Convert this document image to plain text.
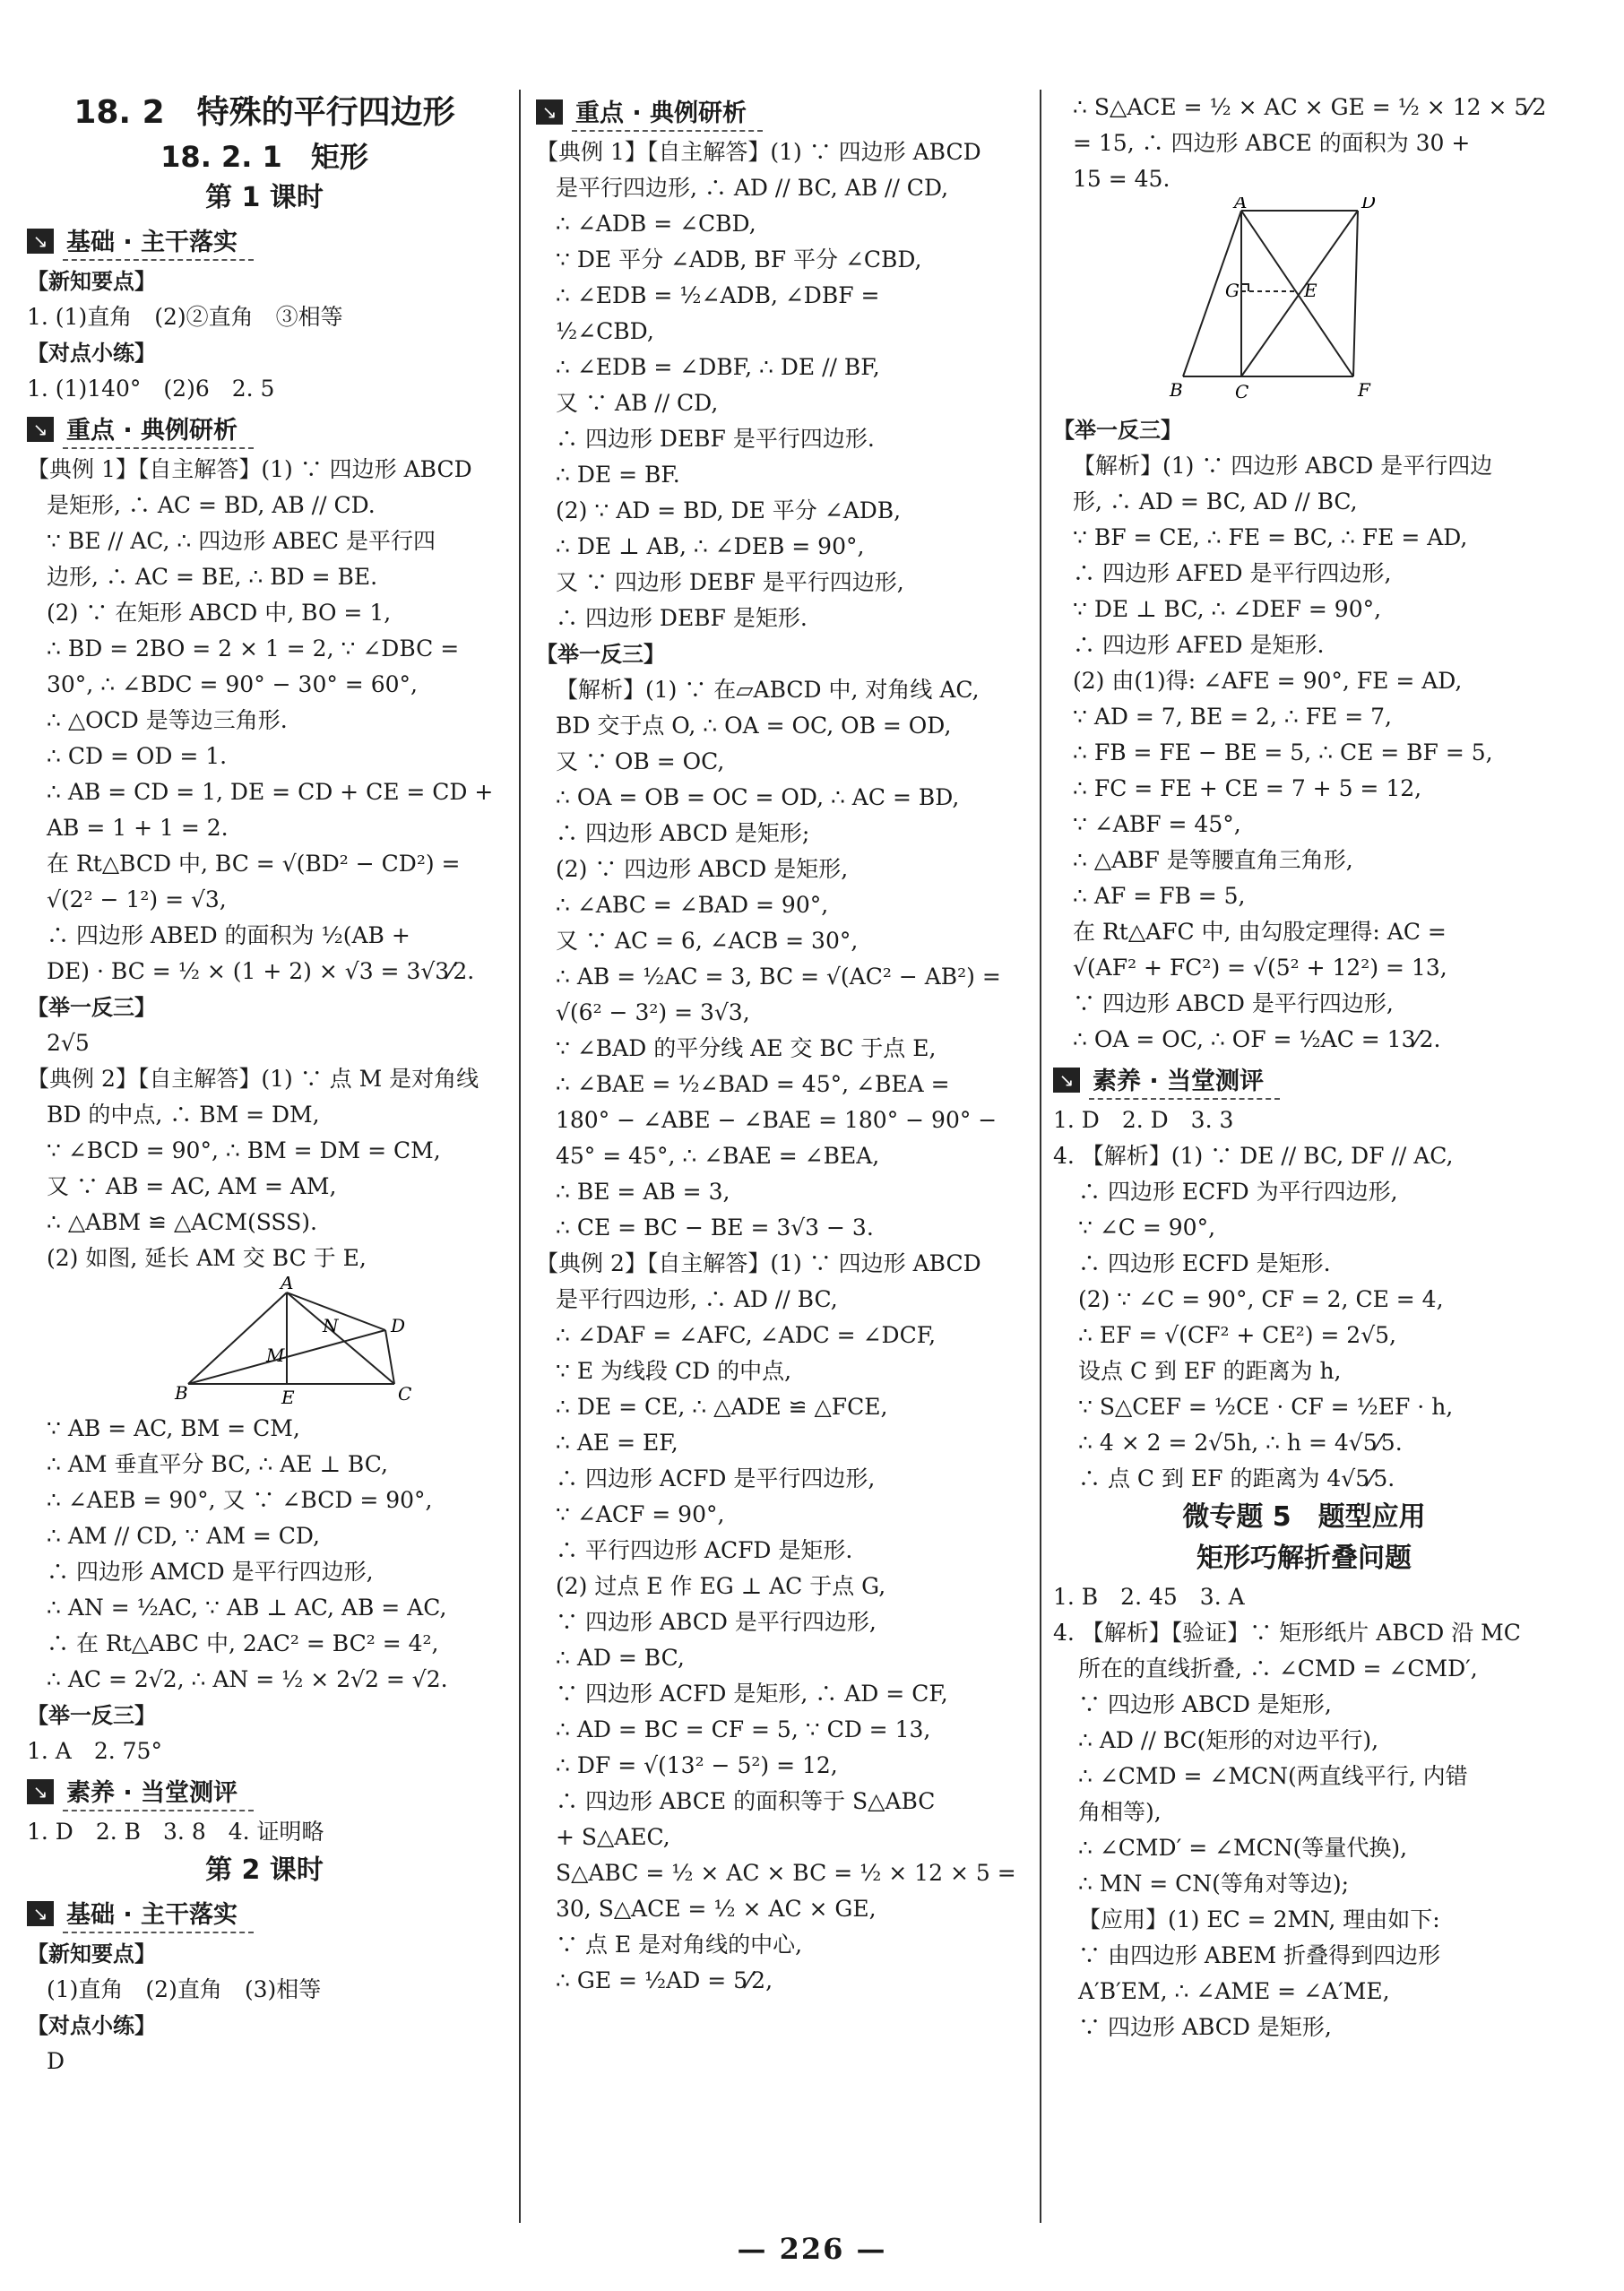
18. 2　特殊的平行四边形
18. 2. 1　矩形
第 1 课时
↘ 基础 · 主干落实
【新知要点】
1. (1)直角　(2)②直角　③相等
【对点小练】
1. (1)140°　(2)6　2. 5
↘ 重点 · 典例研析
【典例 1】【自主解答】(1) ∵ 四边形 ABCD
是矩形, ∴ AC = BD, AB // CD.
∵ BE // AC, ∴ 四边形 ABEC 是平行四
边形, ∴ AC = BE, ∴ BD = BE.
(2) ∵ 在矩形 ABCD 中, BO = 1,
∴ BD = 2BO = 2 × 1 = 2, ∵ ∠DBC =
30°, ∴ ∠BDC = 90° − 30° = 60°,
∴ △OCD 是等边三角形.
∴ CD = OD = 1.
∴ AB = CD = 1, DE = CD + CE = CD +
AB = 1 + 1 = 2.
在 Rt△BCD 中, BC = √(BD² − CD²) =
√(2² − 1²) = √3,
∴ 四边形 ABED 的面积为 ½(AB +
DE) · BC = ½ × (1 + 2) × √3 = 3√3⁄2.
【举一反三】
2√5
【典例 2】【自主解答】(1) ∵ 点 M 是对角线
BD 的中点, ∴ BM = DM,
∵ ∠BCD = 90°, ∴ BM = DM = CM,
又 ∵ AB = AC, AM = AM,
∴ △ABM ≌ △ACM(SSS).
(2) 如图, 延长 AM 交 BC 于 E,
A
B	C
D
E
M
N
∵ AB = AC, BM = CM,
∴ AM 垂直平分 BC, ∴ AE ⊥ BC,
∴ ∠AEB = 90°, 又 ∵ ∠BCD = 90°,
∴ AM // CD, ∵ AM = CD,
∴ 四边形 AMCD 是平行四边形,
∴ AN = ½AC, ∵ AB ⊥ AC, AB = AC,
∴ 在 Rt△ABC 中, 2AC² = BC² = 4²,
∴ AC = 2√2, ∴ AN = ½ × 2√2 = √2.
【举一反三】
1. A　2. 75°
↘ 素养 · 当堂测评
1. D　2. B　3. 8　4. 证明略
第 2 课时
↘ 基础 · 主干落实
【新知要点】
(1)直角　(2)直角　(3)相等
【对点小练】
D
↘ 重点 · 典例研析
【典例 1】【自主解答】(1) ∵ 四边形 ABCD
是平行四边形, ∴ AD // BC, AB // CD,
∴ ∠ADB = ∠CBD,
∵ DE 平分 ∠ADB, BF 平分 ∠CBD,
∴ ∠EDB = ½∠ADB, ∠DBF =
½∠CBD,
∴ ∠EDB = ∠DBF, ∴ DE // BF,
又 ∵ AB // CD,
∴ 四边形 DEBF 是平行四边形.
∴ DE = BF.
(2) ∵ AD = BD, DE 平分 ∠ADB,
∴ DE ⊥ AB, ∴ ∠DEB = 90°,
又 ∵ 四边形 DEBF 是平行四边形,
∴ 四边形 DEBF 是矩形.
【举一反三】
【解析】(1) ∵ 在▱ABCD 中, 对角线 AC,
BD 交于点 O, ∴ OA = OC, OB = OD,
又 ∵ OB = OC,
∴ OA = OB = OC = OD, ∴ AC = BD,
∴ 四边形 ABCD 是矩形;
(2) ∵ 四边形 ABCD 是矩形,
∴ ∠ABC = ∠BAD = 90°,
又 ∵ AC = 6, ∠ACB = 30°,
∴ AB = ½AC = 3, BC = √(AC² − AB²) =
√(6² − 3²) = 3√3,
∵ ∠BAD 的平分线 AE 交 BC 于点 E,
∴ ∠BAE = ½∠BAD = 45°, ∠BEA =
180° − ∠ABE − ∠BAE = 180° − 90° −
45° = 45°, ∴ ∠BAE = ∠BEA,
∴ BE = AB = 3,
∴ CE = BC − BE = 3√3 − 3.
【典例 2】【自主解答】(1) ∵ 四边形 ABCD
是平行四边形, ∴ AD // BC,
∴ ∠DAF = ∠AFC, ∠ADC = ∠DCF,
∵ E 为线段 CD 的中点,
∴ DE = CE, ∴ △ADE ≌ △FCE,
∴ AE = EF,
∴ 四边形 ACFD 是平行四边形,
∵ ∠ACF = 90°,
∴ 平行四边形 ACFD 是矩形.
(2) 过点 E 作 EG ⊥ AC 于点 G,
∵ 四边形 ABCD 是平行四边形,
∴ AD = BC,
∵ 四边形 ACFD 是矩形, ∴ AD = CF,
∴ AD = BC = CF = 5, ∵ CD = 13,
∴ DF = √(13² − 5²) = 12,
∴ 四边形 ABCE 的面积等于 S△ABC
+ S△AEC,
S△ABC = ½ × AC × BC = ½ × 12 × 5 =
30, S△ACE = ½ × AC × GE,
∵ 点 E 是对角线的中心,
∴ GE = ½AD = 5⁄2,
∴ S△ACE = ½ × AC × GE = ½ × 12 × 5⁄2
= 15, ∴ 四边形 ABCE 的面积为 30 +
15 = 45.
A	D
B	C	F
G	E
【举一反三】
【解析】(1) ∵ 四边形 ABCD 是平行四边
形, ∴ AD = BC, AD // BC,
∵ BF = CE, ∴ FE = BC, ∴ FE = AD,
∴ 四边形 AFED 是平行四边形,
∵ DE ⊥ BC, ∴ ∠DEF = 90°,
∴ 四边形 AFED 是矩形.
(2) 由(1)得: ∠AFE = 90°, FE = AD,
∵ AD = 7, BE = 2, ∴ FE = 7,
∴ FB = FE − BE = 5, ∴ CE = BF = 5,
∴ FC = FE + CE = 7 + 5 = 12,
∵ ∠ABF = 45°,
∴ △ABF 是等腰直角三角形,
∴ AF = FB = 5,
在 Rt△AFC 中, 由勾股定理得: AC =
√(AF² + FC²) = √(5² + 12²) = 13,
∵ 四边形 ABCD 是平行四边形,
∴ OA = OC, ∴ OF = ½AC = 13⁄2.
↘ 素养 · 当堂测评
1. D　2. D　3. 3
4. 【解析】(1) ∵ DE // BC, DF // AC,
∴ 四边形 ECFD 为平行四边形,
∵ ∠C = 90°,
∴ 四边形 ECFD 是矩形.
(2) ∵ ∠C = 90°, CF = 2, CE = 4,
∴ EF = √(CF² + CE²) = 2√5,
设点 C 到 EF 的距离为 h,
∵ S△CEF = ½CE · CF = ½EF · h,
∴ 4 × 2 = 2√5h, ∴ h = 4√5⁄5.
∴ 点 C 到 EF 的距离为 4√5⁄5.
微专题 5　题型应用
矩形巧解折叠问题
1. B　2. 45　3. A
4. 【解析】【验证】∵ 矩形纸片 ABCD 沿 MC
所在的直线折叠, ∴ ∠CMD = ∠CMD′,
∵ 四边形 ABCD 是矩形,
∴ AD // BC(矩形的对边平行),
∴ ∠CMD = ∠MCN(两直线平行, 内错
角相等),
∴ ∠CMD′ = ∠MCN(等量代换),
∴ MN = CN(等角对等边);
【应用】(1) EC = 2MN, 理由如下:
∵ 由四边形 ABEM 折叠得到四边形
A′B′EM, ∴ ∠AME = ∠A′ME,
∵ 四边形 ABCD 是矩形,
— 226 —
